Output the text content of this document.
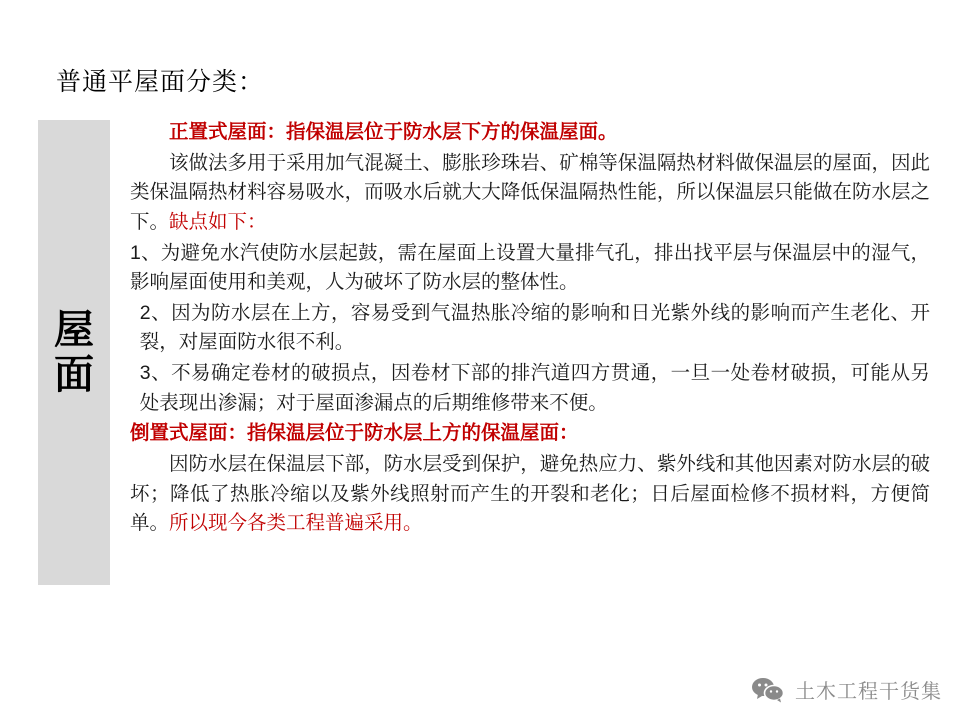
普通平屋面分类：
屋
面

正置式屋面：指保温层位于防水层下方的保温屋面。

该做法多用于采用加气混凝土、膨胀珍珠岩、矿棉等保温隔热材料做保温层的屋面，因此类保温隔热材料容易吸水，而吸水后就大大降低保温隔热性能，所以保温层只能做在防水层之下。缺点如下：

1、为避免水汽使防水层起鼓，需在屋面上设置大量排气孔，排出找平层与保温层中的湿气，影响屋面使用和美观，人为破坏了防水层的整体性。

2、因为防水层在上方，容易受到气温热胀冷缩的影响和日光紫外线的影响而产生老化、开裂，对屋面防水很不利。

3、不易确定卷材的破损点，因卷材下部的排汽道四方贯通，一旦一处卷材破损，可能从另处表现出渗漏；对于屋面渗漏点的后期维修带来不便。

倒置式屋面：指保温层位于防水层上方的保温屋面：

因防水层在保温层下部，防水层受到保护，避免热应力、紫外线和其他因素对防水层的破坏；降低了热胀冷缩以及紫外线照射而产生的开裂和老化；日后屋面检修不损材料，方便简单。所以现今各类工程普遍采用。

土木工程干货集
